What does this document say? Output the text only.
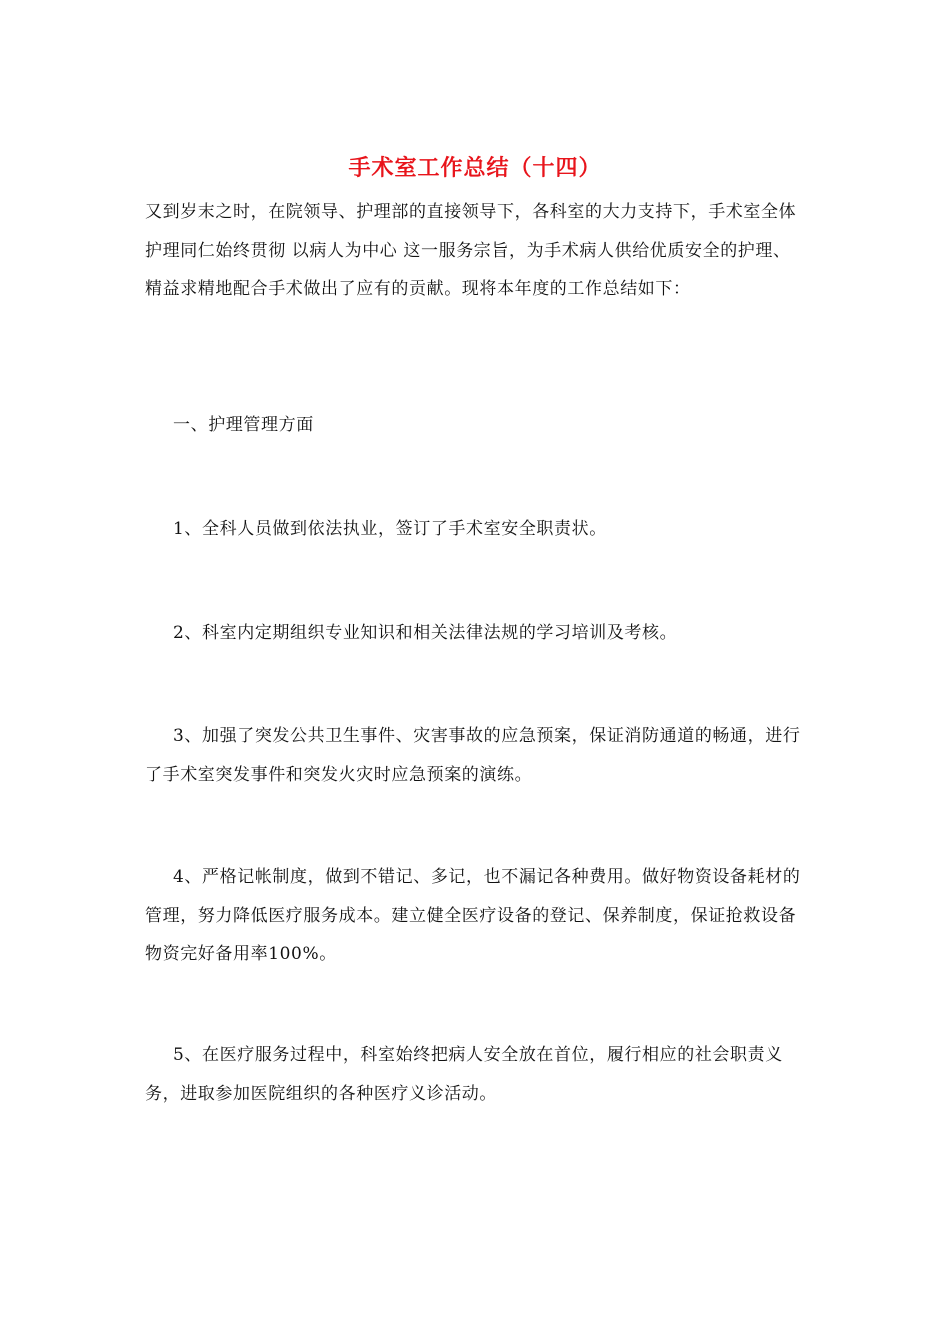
手术室工作总结（十四）

又到岁末之时，在院领导、护理部的直接领导下，各科室的大力支持下，手术室全体护理同仁始终贯彻 以病人为中心 这一服务宗旨，为手术病人供给优质安全的护理、精益求精地配合手术做出了应有的贡献。现将本年度的工作总结如下：

一、护理管理方面

1、全科人员做到依法执业，签订了手术室安全职责状。

2、科室内定期组织专业知识和相关法律法规的学习培训及考核。

3、加强了突发公共卫生事件、灾害事故的应急预案，保证消防通道的畅通，进行了手术室突发事件和突发火灾时应急预案的演练。

4、严格记帐制度，做到不错记、多记，也不漏记各种费用。做好物资设备耗材的管理，努力降低医疗服务成本。建立健全医疗设备的登记、保养制度，保证抢救设备物资完好备用率100%。

5、在医疗服务过程中，科室始终把病人安全放在首位，履行相应的社会职责义务，进取参加医院组织的各种医疗义诊活动。
